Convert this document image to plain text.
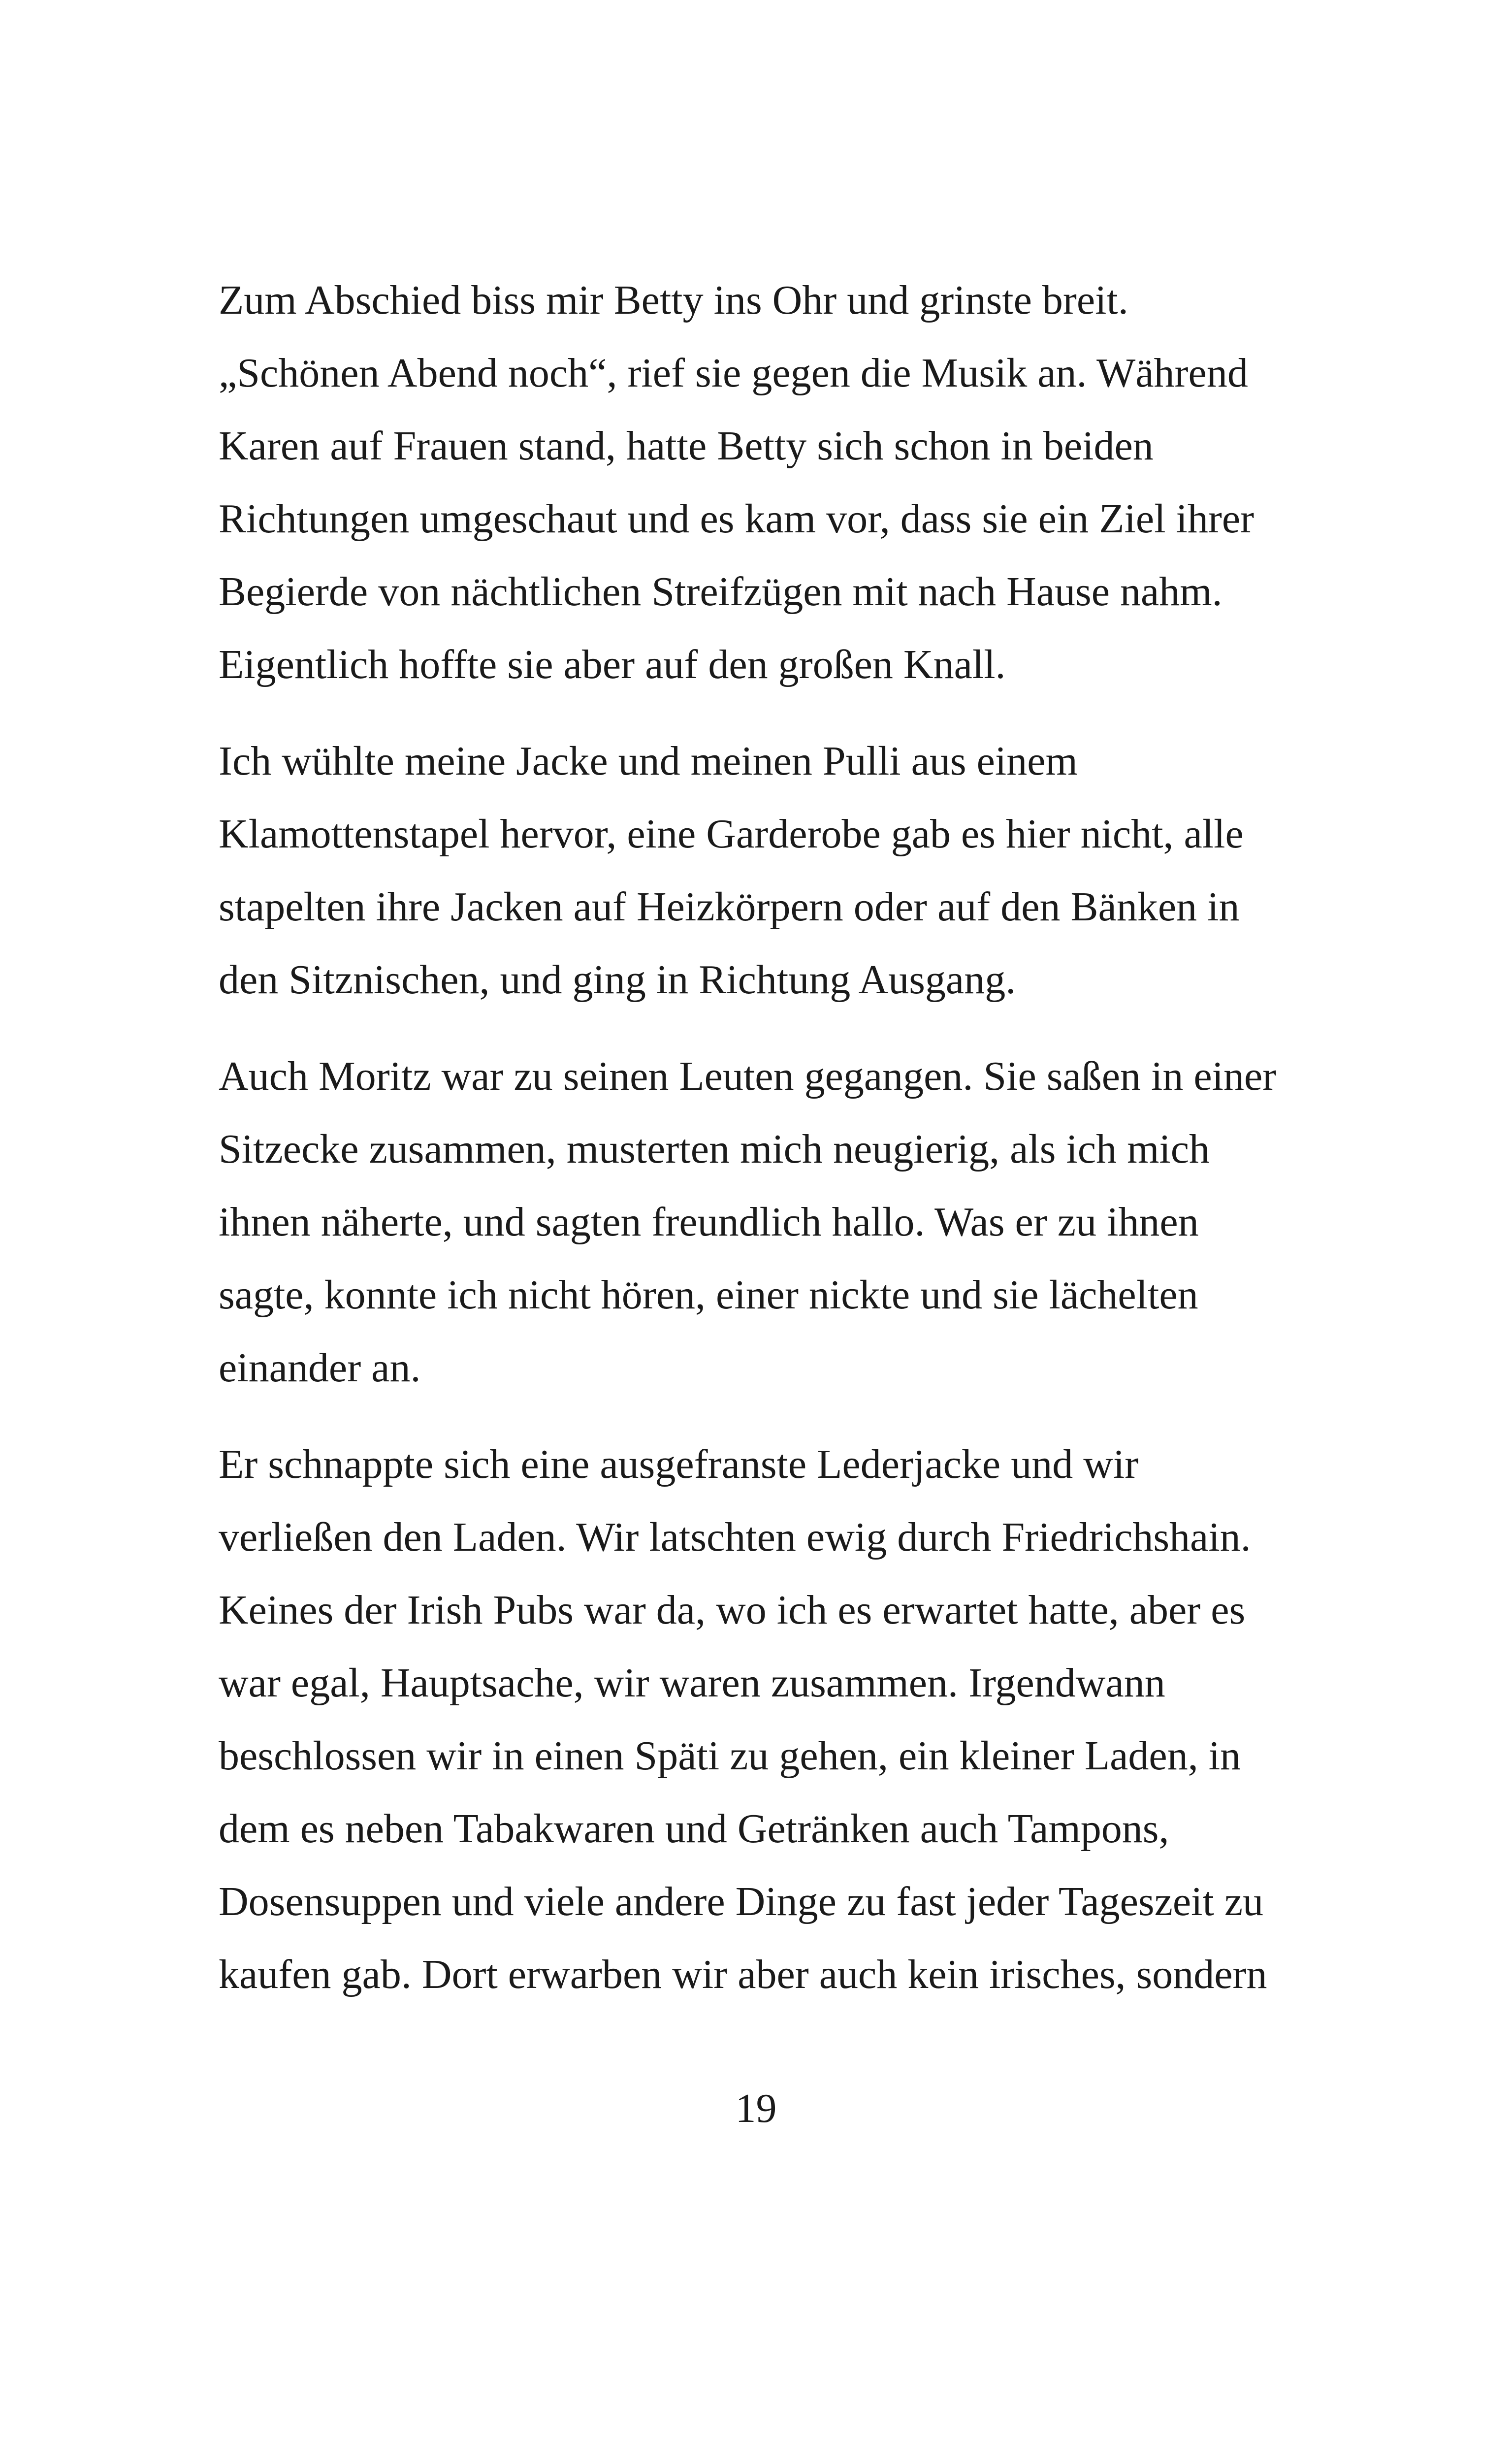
Zum Abschied biss mir Betty ins Ohr und grinste breit.
„Schönen Abend noch“, rief sie gegen die Musik an. Während
Karen auf Frauen stand, hatte Betty sich schon in beiden
Richtungen umgeschaut und es kam vor, dass sie ein Ziel ihrer
Begierde von nächtlichen Streifzügen mit nach Hause nahm.
Eigentlich hoffte sie aber auf den großen Knall.
Ich wühlte meine Jacke und meinen Pulli aus einem
Klamottenstapel hervor, eine Garderobe gab es hier nicht, alle
stapelten ihre Jacken auf Heizkörpern oder auf den Bänken in
den Sitznischen, und ging in Richtung Ausgang.
Auch Moritz war zu seinen Leuten gegangen. Sie saßen in einer
Sitzecke zusammen, musterten mich neugierig, als ich mich
ihnen näherte, und sagten freundlich hallo. Was er zu ihnen
sagte, konnte ich nicht hören, einer nickte und sie lächelten
einander an.
Er schnappte sich eine ausgefranste Lederjacke und wir
verließen den Laden. Wir latschten ewig durch Friedrichshain.
Keines der Irish Pubs war da, wo ich es erwartet hatte, aber es
war egal, Hauptsache, wir waren zusammen. Irgendwann
beschlossen wir in einen Späti zu gehen, ein kleiner Laden, in
dem es neben Tabakwaren und Getränken auch Tampons,
Dosensuppen und viele andere Dinge zu fast jeder Tageszeit zu
kaufen gab. Dort erwarben wir aber auch kein irisches, sondern
19
